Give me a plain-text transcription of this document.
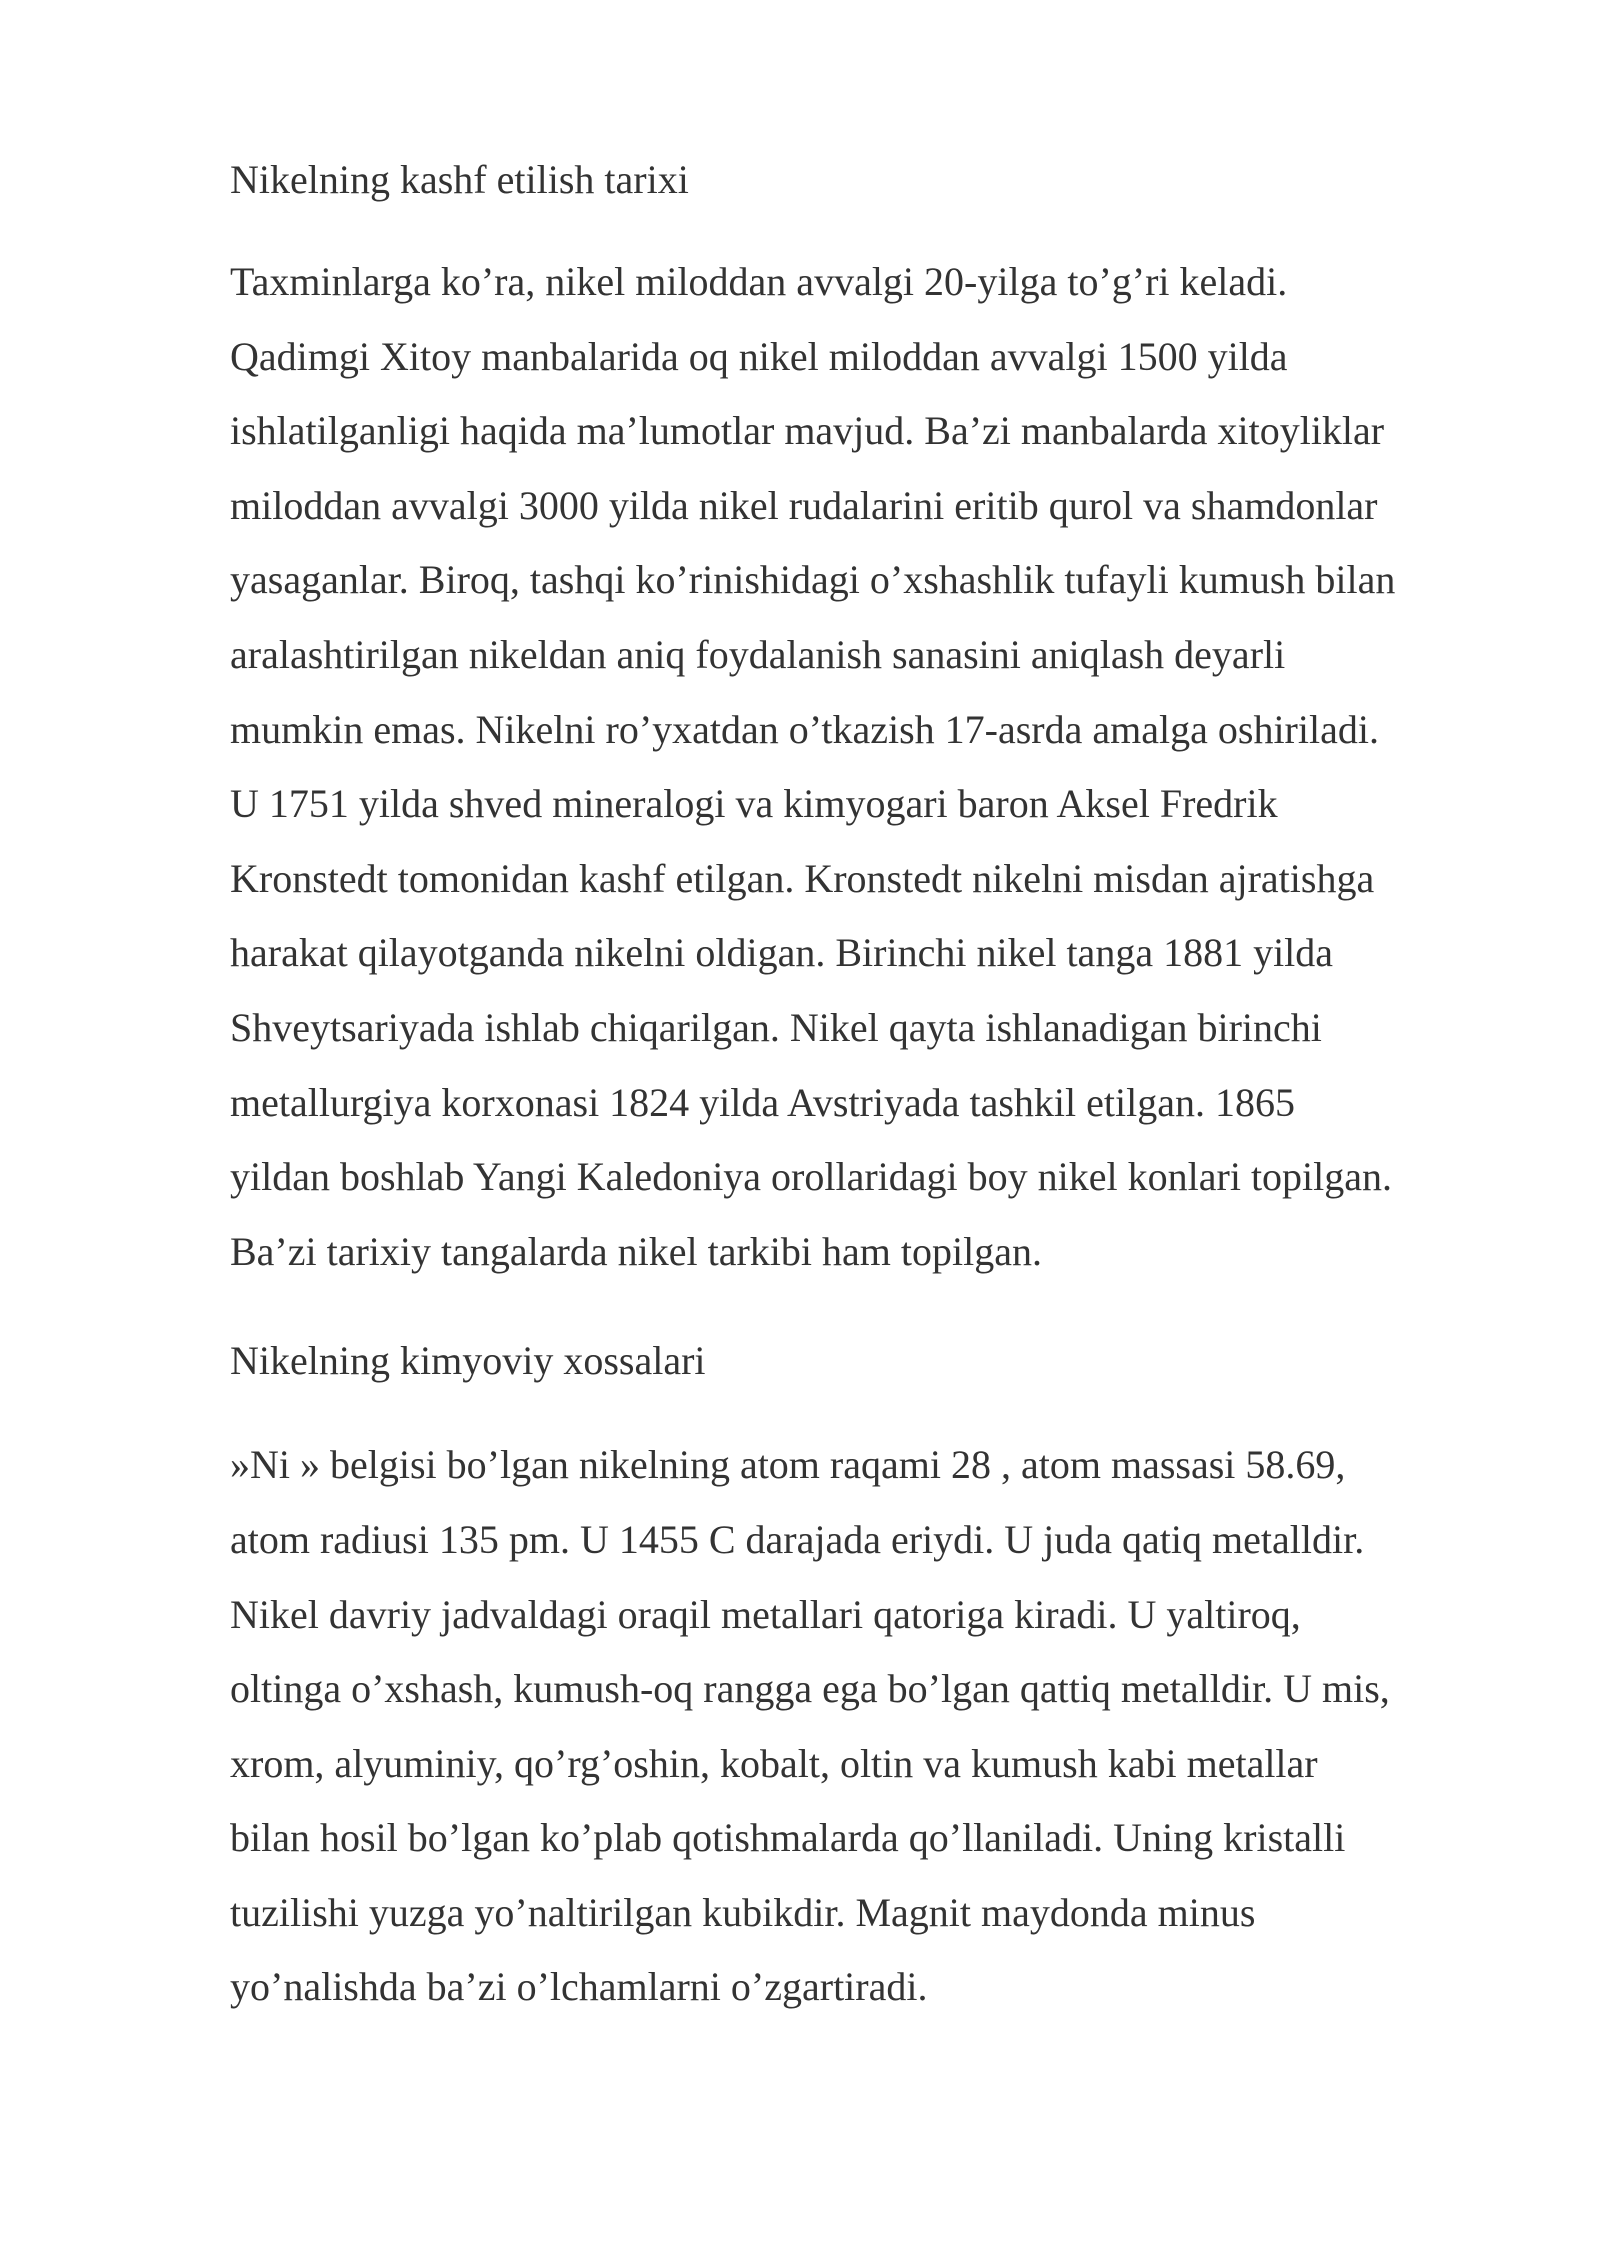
Nikelning kashf etilish tarixi

Taxminlarga ko’ra, nikel miloddan avvalgi 20-yilga to’g’ri keladi.
Qadimgi Xitoy manbalarida oq nikel miloddan avvalgi 1500 yilda
ishlatilganligi haqida ma’lumotlar mavjud. Ba’zi manbalarda xitoyliklar
miloddan avvalgi 3000 yilda nikel rudalarini eritib qurol va shamdonlar
yasaganlar. Biroq, tashqi ko’rinishidagi o’xshashlik tufayli kumush bilan
aralashtirilgan nikeldan aniq foydalanish sanasini aniqlash deyarli
mumkin emas. Nikelni ro’yxatdan o’tkazish 17-asrda amalga oshiriladi.
U 1751 yilda shved mineralogi va kimyogari baron Aksel Fredrik
Kronstedt tomonidan kashf etilgan. Kronstedt nikelni misdan ajratishga
harakat qilayotganda nikelni oldigan. Birinchi nikel tanga 1881 yilda
Shveytsariyada ishlab chiqarilgan. Nikel qayta ishlanadigan birinchi
metallurgiya korxonasi 1824 yilda Avstriyada tashkil etilgan. 1865
yildan boshlab Yangi Kaledoniya orollaridagi boy nikel konlari topilgan.
Ba’zi tarixiy tangalarda nikel tarkibi ham topilgan.

Nikelning kimyoviy xossalari

»Ni » belgisi bo’lgan nikelning atom raqami 28 , atom massasi 58.69,
atom radiusi 135 pm. U 1455 C darajada eriydi. U juda qatiq metalldir.
Nikel davriy jadvaldagi oraqil metallari qatoriga kiradi. U yaltiroq,
oltinga o’xshash, kumush-oq rangga ega bo’lgan qattiq metalldir. U mis,
xrom, alyuminiy, qo’rg’oshin, kobalt, oltin va kumush kabi metallar
bilan hosil bo’lgan ko’plab qotishmalarda qo’llaniladi. Uning kristalli
tuzilishi yuzga yo’naltirilgan kubikdir. Magnit maydonda minus
yo’nalishda ba’zi o’lchamlarni o’zgartiradi.
